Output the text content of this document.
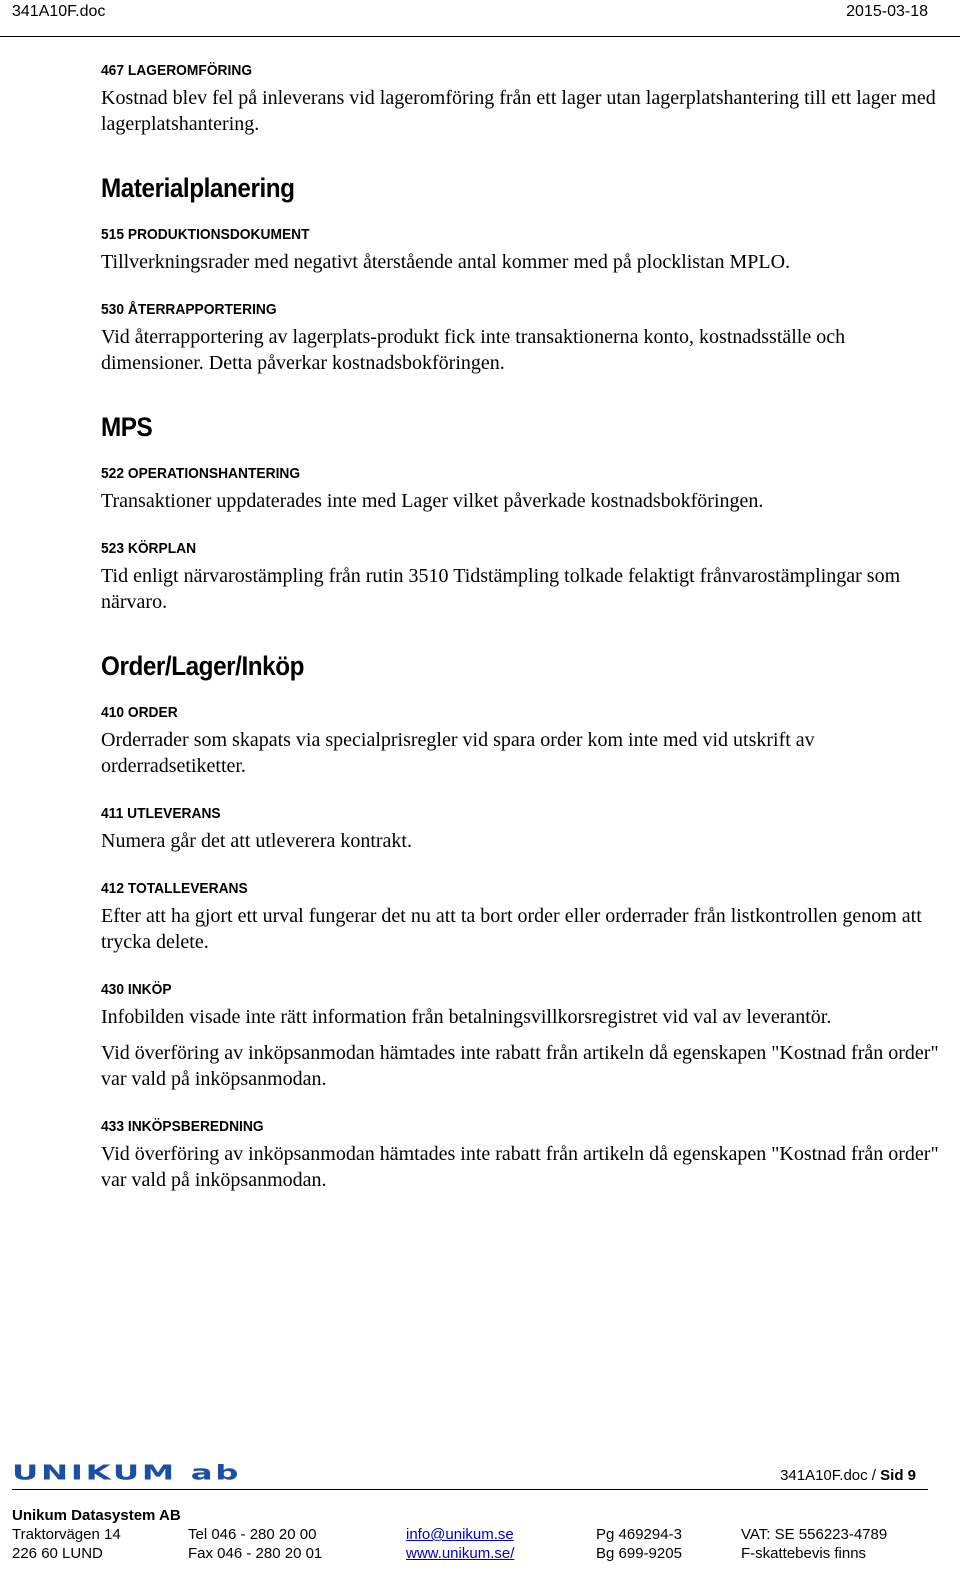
341A10F.doc	2015-03-18
467 LAGEROMFÖRING

Kostnad blev fel på inleverans vid lageromföring från ett lager utan lagerplatshantering till ett lager med lagerplatshantering.

Materialplanering
515 PRODUKTIONSDOKUMENT

Tillverkningsrader med negativt återstående antal kommer med på plocklistan MPLO.

530 ÅTERRAPPORTERING

Vid återrapportering av lagerplats-produkt fick inte transaktionerna konto, kostnadsställe och dimensioner. Detta påverkar kostnadsbokföringen.

MPS
522 OPERATIONSHANTERING

Transaktioner uppdaterades inte med Lager vilket påverkade kostnadsbokföringen.

523 KÖRPLAN

Tid enligt närvarostämpling från rutin 3510 Tidstämpling tolkade felaktigt frånvarostämplingar som närvaro.

Order/Lager/Inköp
410 ORDER

Orderrader som skapats via specialprisregler vid spara order kom inte med vid utskrift av orderradsetiketter.

411 UTLEVERANS

Numera går det att utleverera kontrakt.

412 TOTALLEVERANS

Efter att ha gjort ett urval fungerar det nu att ta bort order eller orderrader från listkontrollen genom att trycka delete.

430 INKÖP

Infobilden visade inte rätt information från betalningsvillkorsregistret vid val av leverantör.

Vid överföring av inköpsanmodan hämtades inte rabatt från artikeln då egenskapen "Kostnad från order" var vald på inköpsanmodan.

433 INKÖPSBEREDNING

Vid överföring av inköpsanmodan hämtades inte rabatt från artikeln då egenskapen "Kostnad från order" var vald på inköpsanmodan.

UNIKUM ab	341A10F.doc / Sid 9
Unikum Datasystem AB
Traktorvägen 14	Tel 046 - 280 20 00	info@unikum.se	Pg 469294-3	VAT: SE 556223-4789
226 60 LUND	Fax 046 - 280 20 01	www.unikum.se/	Bg 699-9205	F-skattebevis finns
